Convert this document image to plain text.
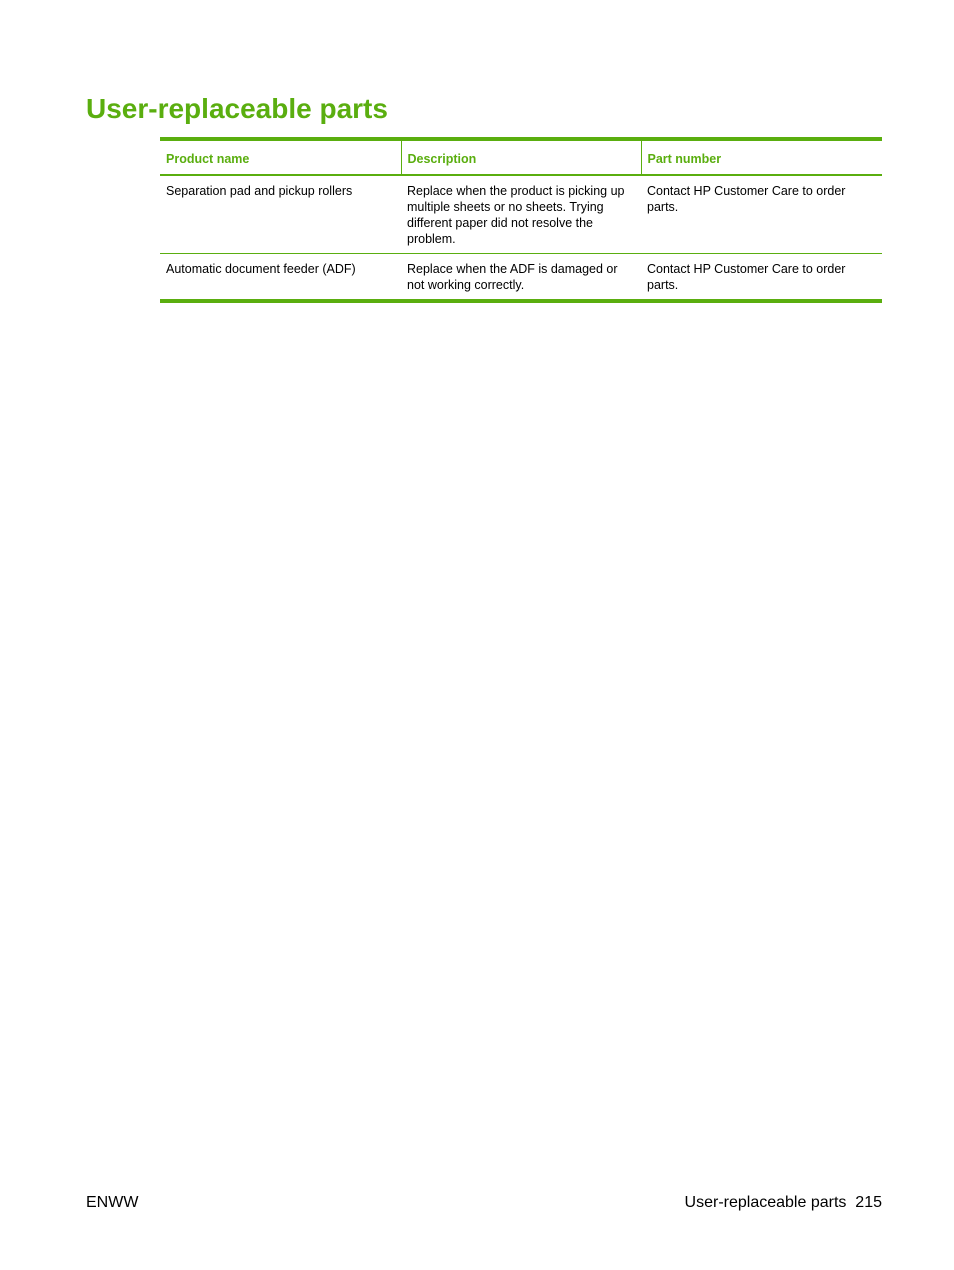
User-replaceable parts
Product name	Description	Part number
Separation pad and pickup rollers	Replace when the product is picking up multiple sheets or no sheets. Trying different paper did not resolve the problem.	Contact HP Customer Care to order parts.
Automatic document feeder (ADF)	Replace when the ADF is damaged or not working correctly.	Contact HP Customer Care to order parts.
ENWW	User-replaceable parts 215
